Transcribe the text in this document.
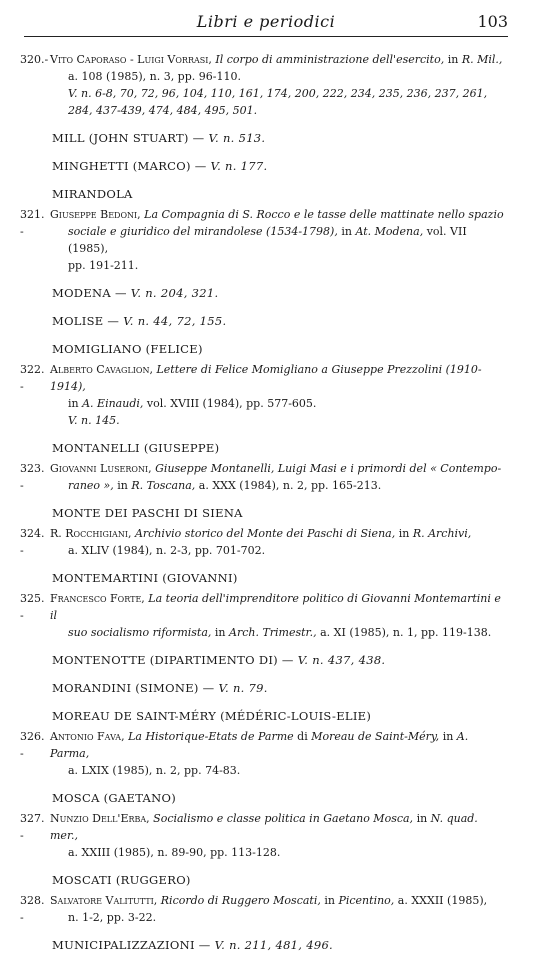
Libri e periodici	103
320.- Vito Caporaso - Luigi Vorrasi, Il corpo di amministrazione dell'esercito, in R. Mil.,
a. 108 (1985), n. 3, pp. 96-110.
V. n. 6-8, 70, 72, 96, 104, 110, 161, 174, 200, 222, 234, 235, 236, 237, 261,
284, 437-439, 474, 484, 495, 501.
MILL (JOHN STUART) — V. n. 513.
MINGHETTI (MARCO) — V. n. 177.
MIRANDOLA
321. -
Giuseppe Bedoni, La Compagnia di S. Rocco e le tasse delle mattinate nello spazio
sociale e giuridico del mirandolese (1534-1798), in At. Modena, vol. VII (1985),
pp. 191-211.
MODENA — V. n. 204, 321.
MOLISE — V. n. 44, 72, 155.
MOMIGLIANO (FELICE)
322. -
Alberto Cavaglion, Lettere di Felice Momigliano a Giuseppe Prezzolini (1910-1914),
in A. Einaudi, vol. XVIII (1984), pp. 577-605.
V. n. 145.
MONTANELLI (GIUSEPPE)
323. -
Giovanni Luseroni, Giuseppe Montanelli, Luigi Masi e i primordi del « Contempo-
raneo », in R. Toscana, a. XXX (1984), n. 2, pp. 165-213.
MONTE DEI PASCHI DI SIENA
324. -
R. Rocchigiani, Archivio storico del Monte dei Paschi di Siena, in R. Archivi,
a. XLIV (1984), n. 2-3, pp. 701-702.
MONTEMARTINI (GIOVANNI)
325. -
Francesco Forte, La teoria dell'imprenditore politico di Giovanni Montemartini e il
suo socialismo riformista, in Arch. Trimestr., a. XI (1985), n. 1, pp. 119-138.
MONTENOTTE (DIPARTIMENTO DI) — V. n. 437, 438.
MORANDINI (SIMONE) — V. n. 79.
MOREAU DE SAINT-MÉRY (MÉDÉRIC-LOUIS-ELIE)
326. -
Antonio Fava, La Historique-Etats de Parme di Moreau de Saint-Méry, in A. Parma,
a. LXIX (1985), n. 2, pp. 74-83.
MOSCA (GAETANO)
327. -
Nunzio Dell'Erba, Socialismo e classe politica in Gaetano Mosca, in N. quad. mer.,
a. XXIII (1985), n. 89-90, pp. 113-128.
MOSCATI (RUGGERO)
328. -
Salvatore Valitutti, Ricordo di Ruggero Moscati, in Picentino, a. XXXII (1985),
n. 1-2, pp. 3-22.
MUNICIPALIZZAZIONI — V. n. 211, 481, 496.
